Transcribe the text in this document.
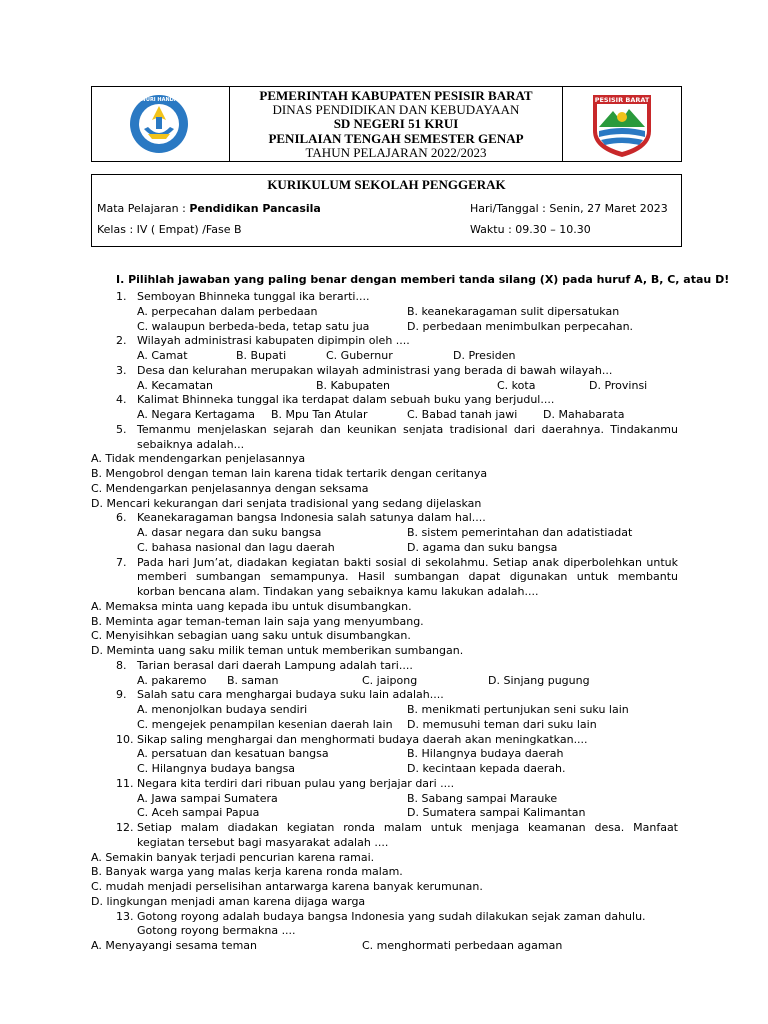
TUT WURI HANDAYANI	PEMERINTAH KABUPATEN PESISIR BARAT
DINAS PENDIDIKAN DAN KEBUDAYAAN
SD NEGERI 51 KRUI
PENILAIAN TENGAH SEMESTER GENAP
TAHUN PELAJARAN 2022/2023
PESISIR BARAT
KURIKULUM SEKOLAH PENGGERAK
Mata Pelajaran : Pendidikan Pancasila	Hari/Tanggal : Senin, 27 Maret 2023
Kelas : IV ( Empat) /Fase B	Waktu : 09.30 – 10.30
I. Pilihlah jawaban yang paling benar dengan memberi tanda silang (X) pada huruf A, B, C, atau D!
1. Semboyan Bhinneka tunggal ika berarti....
A. perpecahan dalam perbedaan	B. keanekaragaman sulit dipersatukan
C. walaupun berbeda-beda, tetap satu jua	D. perbedaan menimbulkan perpecahan.
2. Wilayah administrasi kabupaten dipimpin oleh ....
A. Camat	B. Bupati	C. Gubernur	D. Presiden
3. Desa dan kelurahan merupakan wilayah administrasi yang berada di bawah wilayah...
A. Kecamatan	B. Kabupaten	C. kota	D. Provinsi
4. Kalimat Bhinneka tunggal ika terdapat dalam sebuah buku yang berjudul....
A. Negara Kertagama B. Mpu Tan Atular	C. Babad tanah jawi D. Mahabarata
5. Temanmu menjelaskan sejarah dan keunikan senjata tradisional dari daerahnya. Tindakanmu
sebaiknya adalah...
A. Tidak mendengarkan penjelasannya
B. Mengobrol dengan teman lain karena tidak tertarik dengan ceritanya
C. Mendengarkan penjelasannya dengan seksama
D. Mencari kekurangan dari senjata tradisional yang sedang dijelaskan
6. Keanekaragaman bangsa Indonesia salah satunya dalam hal....
A. dasar negara dan suku bangsa	B. sistem pemerintahan dan adatistiadat
C. bahasa nasional dan lagu daerah	D. agama dan suku bangsa
7. Pada hari Jum’at, diadakan kegiatan bakti sosial di sekolahmu. Setiap anak diperbolehkan untuk
memberi sumbangan semampunya. Hasil sumbangan dapat digunakan untuk membantu
korban bencana alam. Tindakan yang sebaiknya kamu lakukan adalah....
A. Memaksa minta uang kepada ibu untuk disumbangkan.
B. Meminta agar teman-teman lain saja yang menyumbang.
C. Menyisihkan sebagian uang saku untuk disumbangkan.
D. Meminta uang saku milik teman untuk memberikan sumbangan.
8. Tarian berasal dari daerah Lampung adalah tari....
A. pakaremo B. saman	C. jaipong	D. Sinjang pugung
9. Salah satu cara menghargai budaya suku lain adalah....
A. menonjolkan budaya sendiri	B. menikmati pertunjukan seni suku lain
C. mengejek penampilan kesenian daerah lain D. memusuhi teman dari suku lain
10. Sikap saling menghargai dan menghormati budaya daerah akan meningkatkan....
A. persatuan dan kesatuan bangsa	B. Hilangnya budaya daerah
C. Hilangnya budaya bangsa	D. kecintaan kepada daerah.
11. Negara kita terdiri dari ribuan pulau yang berjajar dari ....
A. Jawa sampai Sumatera	B. Sabang sampai Marauke
C. Aceh sampai Papua	D. Sumatera sampai Kalimantan
12. Setiap malam diadakan kegiatan ronda malam untuk menjaga keamanan desa. Manfaat
kegiatan tersebut bagi masyarakat adalah ....
A. Semakin banyak terjadi pencurian karena ramai.
B. Banyak warga yang malas kerja karena ronda malam.
C. mudah menjadi perselisihan antarwarga karena banyak kerumunan.
D. lingkungan menjadi aman karena dijaga warga
13. Gotong royong adalah budaya bangsa Indonesia yang sudah dilakukan sejak zaman dahulu.
Gotong royong bermakna ....
A. Menyayangi sesama teman	C. menghormati perbedaan agaman
